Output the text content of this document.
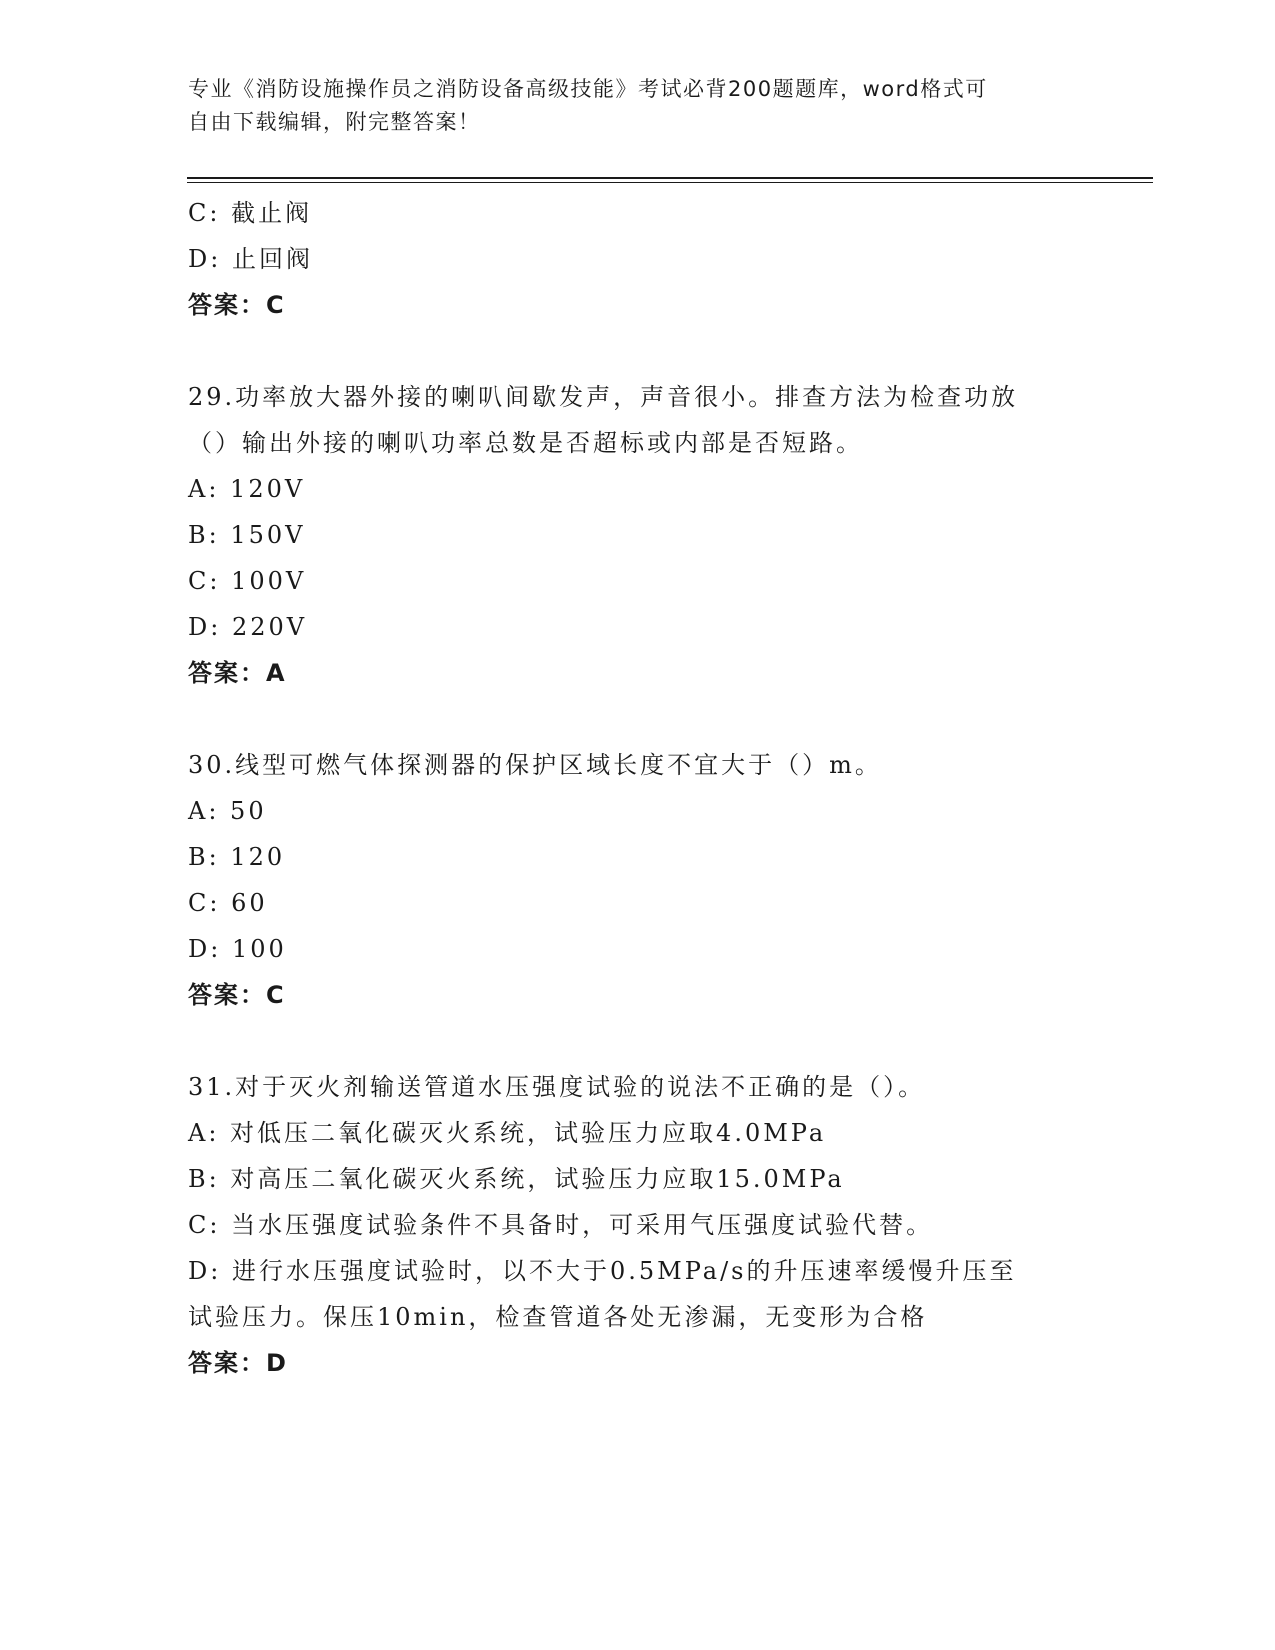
专业《消防设施操作员之消防设备高级技能》考试必背200题题库，word格式可
自由下载编辑，附完整答案！
C: 截止阀
D: 止回阀
答案：C
29.功率放大器外接的喇叭间歇发声，声音很小。排查方法为检查功放
（）输出外接的喇叭功率总数是否超标或内部是否短路。
A: 120V
B: 150V
C: 100V
D: 220V
答案：A
30.线型可燃气体探测器的保护区域长度不宜大于（）m。
A: 50
B: 120
C: 60
D: 100
答案：C
31.对于灭火剂输送管道水压强度试验的说法不正确的是（）。
A: 对低压二氧化碳灭火系统，试验压力应取4.0MPa
B: 对高压二氧化碳灭火系统，试验压力应取15.0MPa
C: 当水压强度试验条件不具备时，可采用气压强度试验代替。
D: 进行水压强度试验时，以不大于0.5MPa/s的升压速率缓慢升压至
试验压力。保压10min，检查管道各处无渗漏，无变形为合格
答案：D
